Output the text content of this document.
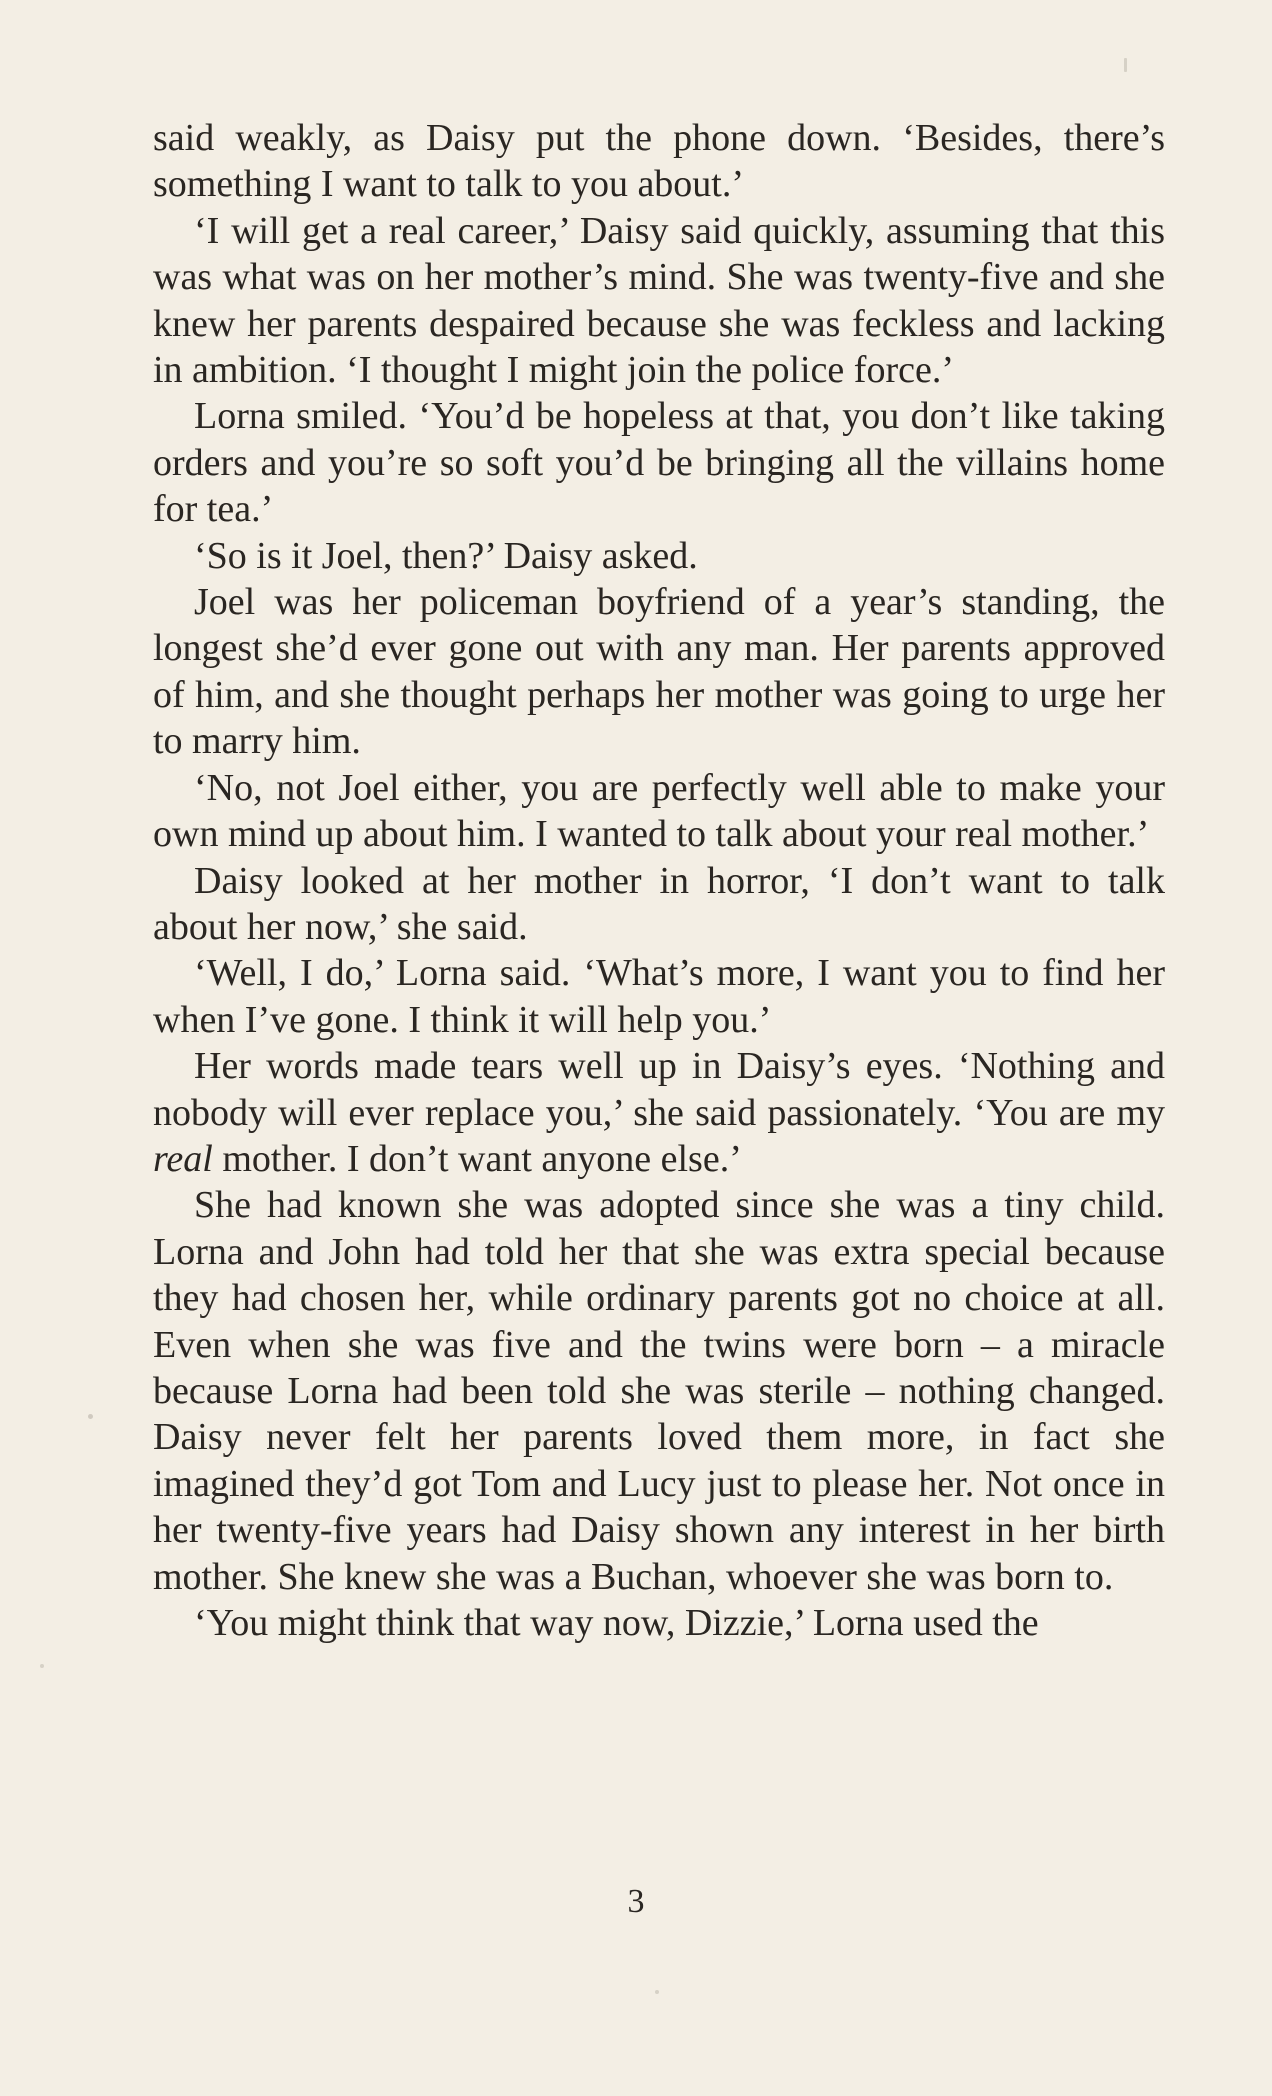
said weakly, as Daisy put the phone down. ‘Besides, there’s something I want to talk to you about.’

‘I will get a real career,’ Daisy said quickly, assuming that this was what was on her mother’s mind. She was twenty-five and she knew her parents despaired because she was feckless and lacking in ambition. ‘I thought I might join the police force.’

Lorna smiled. ‘You’d be hopeless at that, you don’t like taking orders and you’re so soft you’d be bringing all the villains home for tea.’

‘So is it Joel, then?’ Daisy asked.

Joel was her policeman boyfriend of a year’s standing, the longest she’d ever gone out with any man. Her parents approved of him, and she thought perhaps her mother was going to urge her to marry him.

‘No, not Joel either, you are perfectly well able to make your own mind up about him. I wanted to talk about your real mother.’

Daisy looked at her mother in horror, ‘I don’t want to talk about her now,’ she said.

‘Well, I do,’ Lorna said. ‘What’s more, I want you to find her when I’ve gone. I think it will help you.’

Her words made tears well up in Daisy’s eyes. ‘Nothing and nobody will ever replace you,’ she said passionately. ‘You are my real mother. I don’t want anyone else.’

She had known she was adopted since she was a tiny child. Lorna and John had told her that she was extra special because they had chosen her, while ordinary parents got no choice at all. Even when she was five and the twins were born – a miracle because Lorna had been told she was sterile – nothing changed. Daisy never felt her parents loved them more, in fact she imagined they’d got Tom and Lucy just to please her. Not once in her twenty-five years had Daisy shown any interest in her birth mother. She knew she was a Buchan, whoever she was born to.

‘You might think that way now, Dizzie,’ Lorna used the

3
